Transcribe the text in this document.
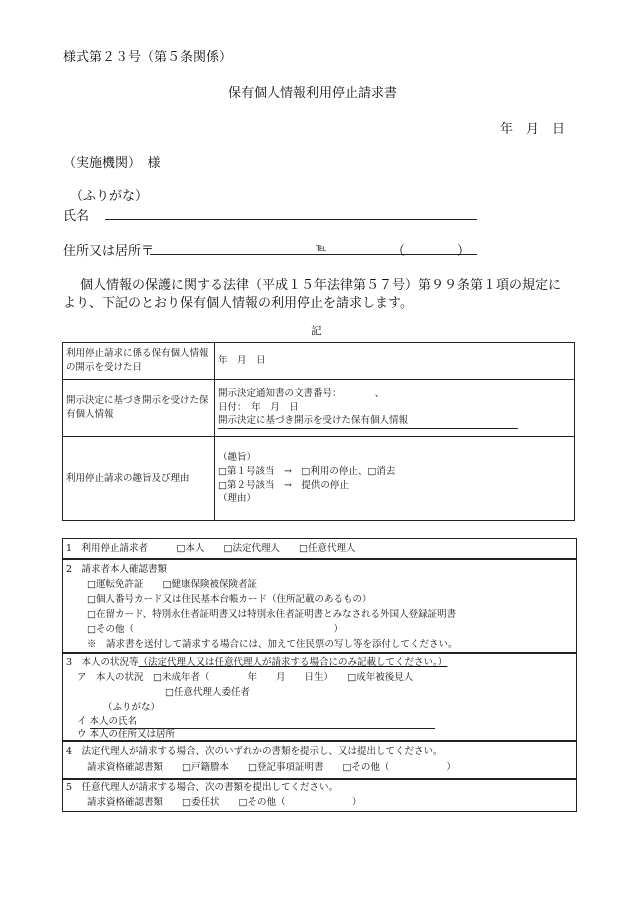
様式第２３号（第５条関係）
保有個人情報利用停止請求書
年　月　日
（実施機関）　様
（ふりがな）
氏名
住所又は居所〒	℡	（　　　　）
個人情報の保護に関する法律（平成１５年法律第５７号）第９９条第１項の規定に
より、下記のとおり保有個人情報の利用停止を請求します。
記
利用停止請求に係る保有個人情報の開示を受けた日	年　月　日
開示決定に基づき開示を受けた保有個人情報	開示決定通知書の文書番号：　　　　、
日付：　年　月　日
開示決定に基づき開示を受けた保有個人情報
利用停止請求の趣旨及び理由	（趣旨）
□第１号該当　→　□利用の停止、□消去
□第２号該当　→　提供の停止
（理由）
1　利用停止請求者　　　□本人　　□法定代理人　　□任意代理人
2　請求者本人確認書類
□運転免許証　　□健康保険被保険者証
□個人番号カード又は住民基本台帳カード（住所記載のあるもの）
□在留カード、特別永住者証明書又は特別永住者証明書とみなされる外国人登録証明書
□その他（　　　　　　　　　　　　　　　　　　　　　）
※　請求書を送付して請求する場合には、加えて住民票の写し等を添付してください。
3　本人の状況等（法定代理人又は任意代理人が請求する場合にのみ記載してください。）
ア　本人の状況　□未成年者（　　　　年　　月　　日生）　　□成年被後見人
□任意代理人委任者
（ふりがな）
イ 本人の氏名
ウ 本人の住所又は居所
4　法定代理人が請求する場合、次のいずれかの書類を提示し、又は提出してください。
請求資格確認書類　　□戸籍謄本　　□登記事項証明書　　□その他（　　　　　　）
5　任意代理人が請求する場合、次の書類を提出してください。
請求資格確認書類　　□委任状　　□その他（　　　　　　　）
